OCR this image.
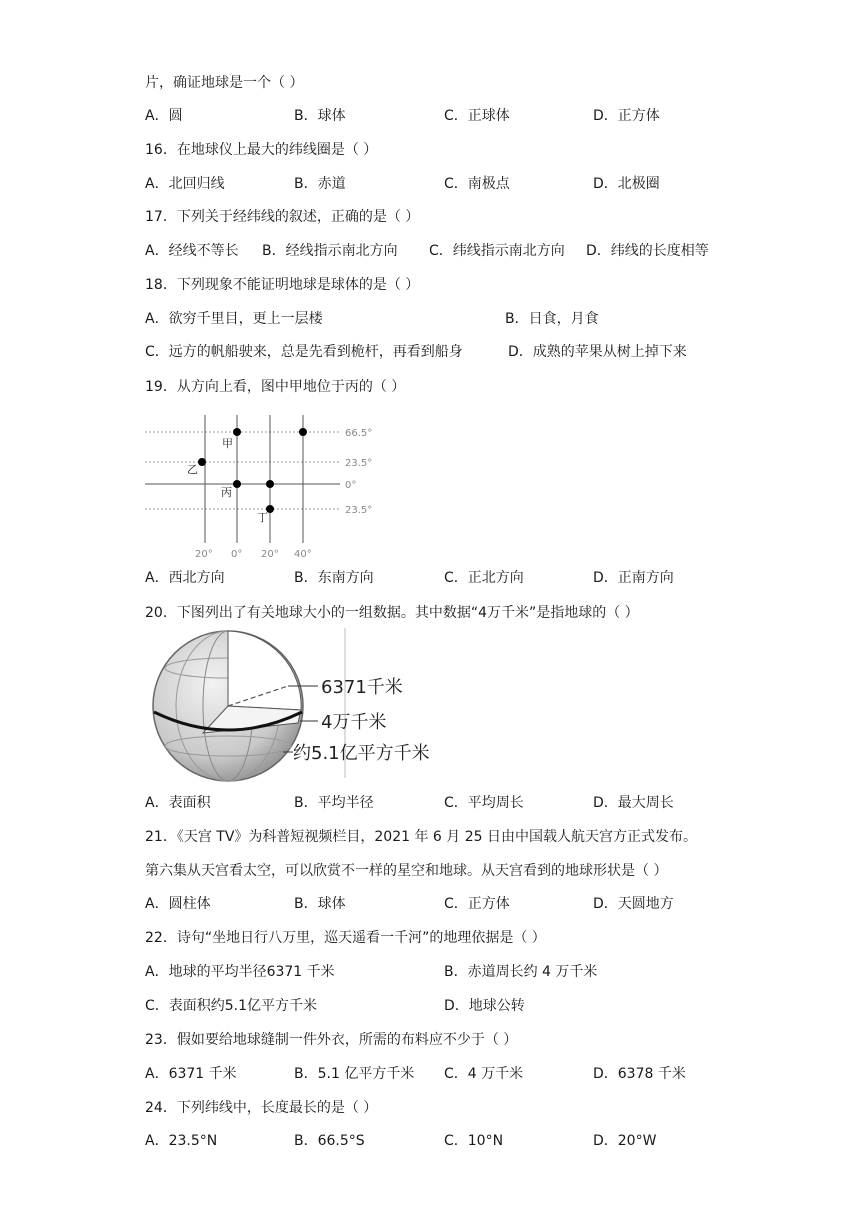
片，确证地球是一个（ ）
A．圆	B．球体	C．正球体	D．正方体
16．在地球仪上最大的纬线圈是（ ）
A．北回归线	B．赤道	C．南极点	D．北极圈
17．下列关于经纬线的叙述，正确的是（ ）
A．经线不等长 B．经线指示南北方向 C．纬线指示南北方向 D．纬线的长度相等
18．下列现象不能证明地球是球体的是（ ）
A．欲穷千里目，更上一层楼	B．日食，月食
C．远方的帆船驶来，总是先看到桅杆，再看到船身	D．成熟的苹果从树上掉下来
19．从方向上看，图中甲地位于丙的（ ）
66.5°
23.5°
0°
23.5°
20° 0° 20° 40°
甲
乙
丙
丁
A．西北方向	B．东南方向	C．正北方向	D．正南方向
20．下图列出了有关地球大小的一组数据。其中数据“4万千米”是指地球的（ ）
6371千米
4万千米
约5.1亿平方千米
A．表面积	B．平均半径	C．平均周长	D．最大周长
21．《天宫 TV》为科普短视频栏目，2021 年 6 月 25 日由中国载人航天宫方正式发布。
第六集从天宫看太空，可以欣赏不一样的星空和地球。从天宫看到的地球形状是（ ）
A．圆柱体	B．球体	C．正方体	D．天圆地方
22．诗句“坐地日行八万里，巡天遥看一千河”的地理依据是（ ）
A．地球的平均半径6371 千米	B．赤道周长约 4 万千米
C．表面积约5.1亿平方千米	D．地球公转
23．假如要给地球缝制一件外衣，所需的布料应不少于（ ）
A．6371 千米	B．5.1 亿平方千米 C．4 万千米	D．6378 千米
24．下列纬线中，长度最长的是（ ）
A．23.5°N	B．66.5°S	C．10°N	D．20°W
